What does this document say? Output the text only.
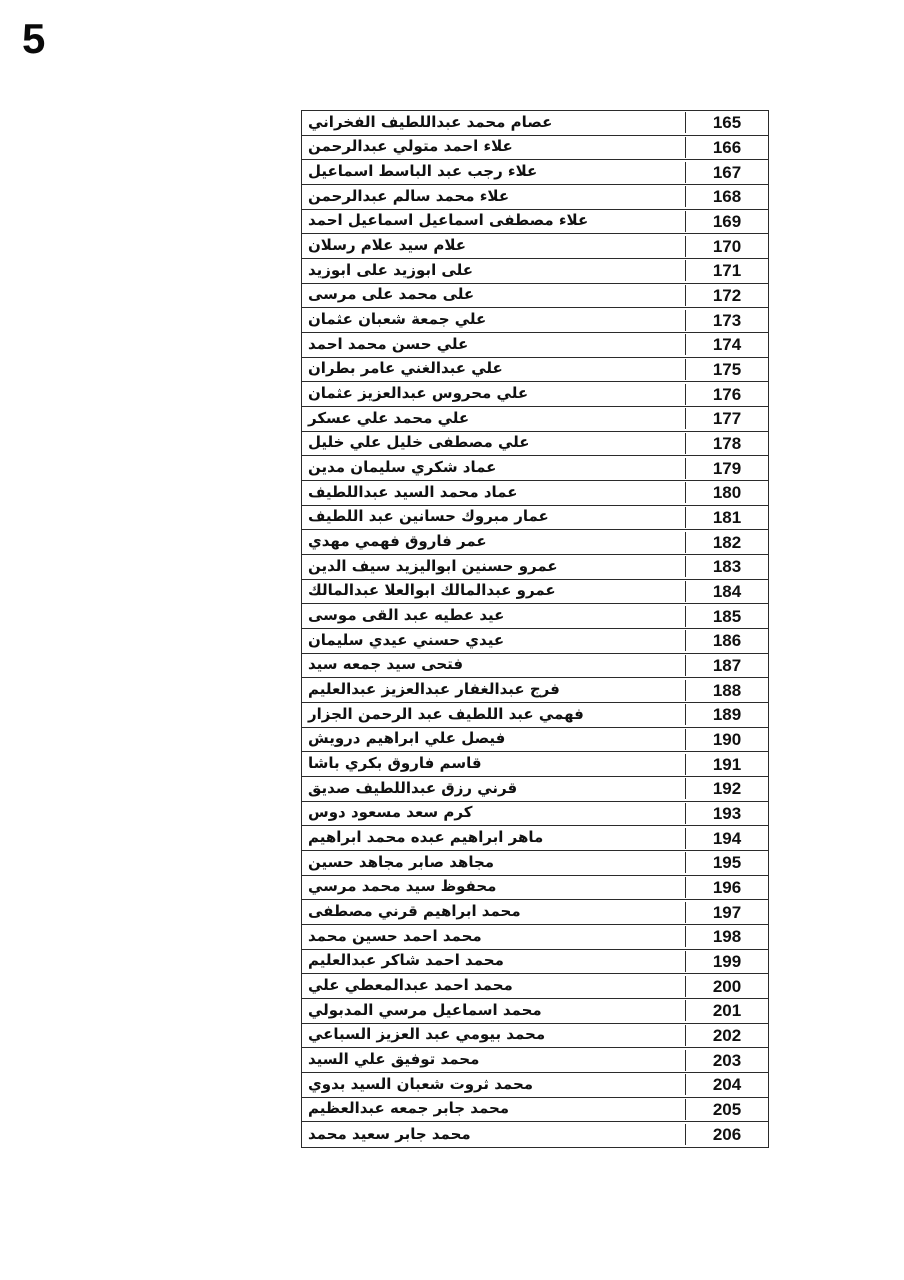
5
عصام محمد عبداللطيف الفخراني	165
علاء احمد متولي عبدالرحمن	166
علاء رجب عبد الباسط اسماعيل	167
علاء محمد سالم عبدالرحمن	168
علاء مصطفى اسماعيل اسماعيل احمد	169
علام سيد علام رسلان	170
على ابوزيد على ابوزيد	171
على محمد على مرسى	172
علي جمعة شعبان عثمان	173
علي حسن محمد احمد	174
علي عبدالغني عامر بطران	175
علي محروس عبدالعزيز عثمان	176
علي محمد علي عسكر	177
علي مصطفى خليل علي خليل	178
عماد شكري سليمان مدين	179
عماد محمد السيد عبداللطيف	180
عمار مبروك حسانين عبد اللطيف	181
عمر فاروق فهمي مهدي	182
عمرو حسنين ابواليزيد سيف الدين	183
عمرو عبدالمالك ابوالعلا عبدالمالك	184
عيد عطيه عبد القى موسى	185
عيدي حسني عيدي سليمان	186
فتحى سيد جمعه سيد	187
فرج عبدالغفار عبدالعزيز عبدالعليم	188
فهمي عبد اللطيف عبد الرحمن الجزار	189
فيصل علي ابراهيم درويش	190
قاسم فاروق بكري باشا	191
قرني رزق عبداللطيف صديق	192
كرم سعد مسعود دوس	193
ماهر ابراهيم عبده محمد ابراهيم	194
مجاهد صابر مجاهد حسين	195
محفوظ سيد محمد مرسي	196
محمد ابراهيم قرني مصطفى	197
محمد احمد حسين محمد	198
محمد احمد شاكر عبدالعليم	199
محمد احمد عبدالمعطي علي	200
محمد اسماعيل مرسي المدبولي	201
محمد بيومي عبد العزيز السباعي	202
محمد توفيق علي السيد	203
محمد ثروت شعبان السيد بدوي	204
محمد جابر جمعه عبدالعظيم	205
محمد جابر سعيد محمد	206
